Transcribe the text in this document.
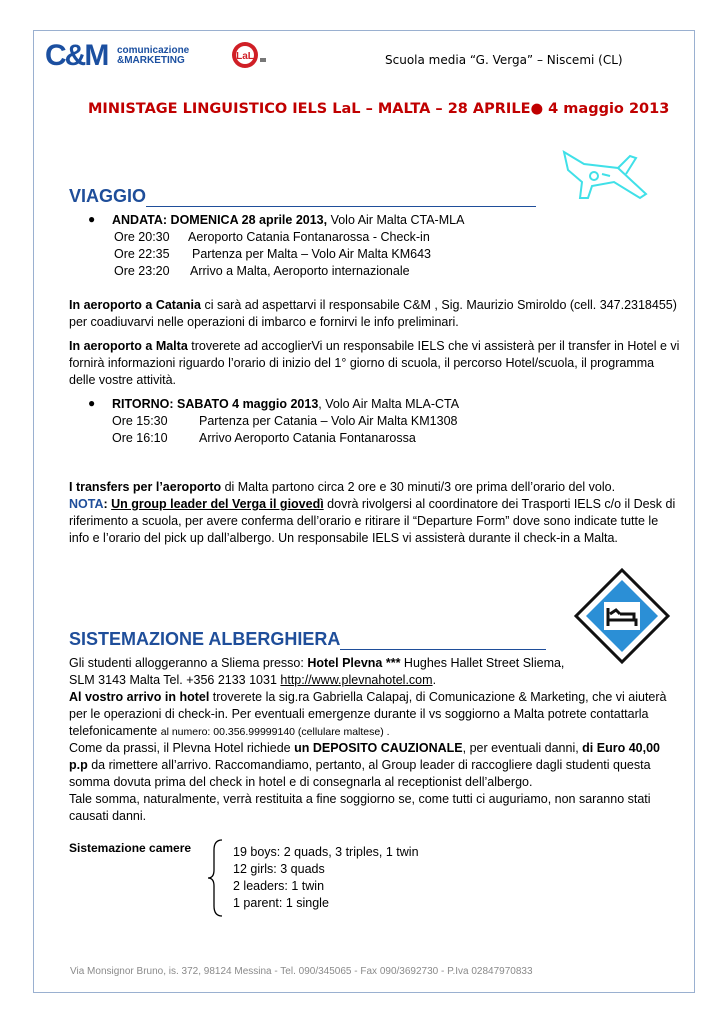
C&M comunicazione
&MARKETING	LaL	Scuola media “G. Verga” – Niscemi (CL)
MINISTAGE LINGUISTICO IELS LaL – MALTA – 28 APRILE● 4 maggio 2013
VIAGGIO
● ANDATA: DOMENICA 28 aprile 2013, Volo Air Malta CTA-MLA
Ore 20:30 Aeroporto Catania Fontanarossa - Check-in
Ore 22:35 Partenza per Malta – Volo Air Malta KM643
Ore 23:20 Arrivo a Malta, Aeroporto internazionale
In aeroporto a Catania ci sarà ad aspettarvi il responsabile C&M , Sig. Maurizio Smiroldo (cell. 347.2318455)
per coadiuvarvi nelle operazioni di imbarco e fornirvi le info preliminari.
In aeroporto a Malta troverete ad accoglierVi un responsabile IELS che vi assisterà per il transfer in Hotel e vi
fornirà informazioni riguardo l’orario di inizio del 1° giorno di scuola, il percorso Hotel/scuola, il programma
delle vostre attività.
● RITORNO: SABATO 4 maggio 2013, Volo Air Malta MLA-CTA
Ore 15:30	Partenza per Catania – Volo Air Malta KM1308
Ore 16:10	Arrivo Aeroporto Catania Fontanarossa
I transfers per l’aeroporto di Malta partono circa 2 ore e 30 minuti/3 ore prima dell’orario del volo.
NOTA: Un group leader del Verga il giovedì dovrà rivolgersi al coordinatore dei Trasporti IELS c/o il Desk di
riferimento a scuola, per avere conferma dell’orario e ritirare il “Departure Form” dove sono indicate tutte le
info e l’orario del pick up dall’albergo. Un responsabile IELS vi assisterà durante il check-in a Malta.
SISTEMAZIONE ALBERGHIERA
Gli studenti alloggeranno a Sliema presso: Hotel Plevna *** Hughes Hallet Street Sliema,
SLM 3143 Malta Tel. +356 2133 1031 http://www.plevnahotel.com.
Al vostro arrivo in hotel troverete la sig.ra Gabriella Calapaj, di Comunicazione & Marketing, che vi aiuterà
per le operazioni di check-in. Per eventuali emergenze durante il vs soggiorno a Malta potrete contattarla
telefonicamente al numero: 00.356.99999140 (cellulare maltese) .
Come da prassi, il Plevna Hotel richiede un DEPOSITO CAUZIONALE, per eventuali danni, di Euro 40,00
p.p da rimettere all’arrivo. Raccomandiamo, pertanto, al Group leader di raccogliere dagli studenti questa
somma dovuta prima del check in hotel e di consegnarla al receptionist dell’albergo.
Tale somma, naturalmente, verrà restituita a fine soggiorno se, come tutti ci auguriamo, non saranno stati
causati danni.
Sistemazione camere	19 boys: 2 quads, 3 triples, 1 twin
12 girls: 3 quads
2 leaders: 1 twin
1 parent: 1 single
Via Monsignor Bruno, is. 372, 98124 Messina - Tel. 090/345065 - Fax 090/3692730 - P.Iva 02847970833
